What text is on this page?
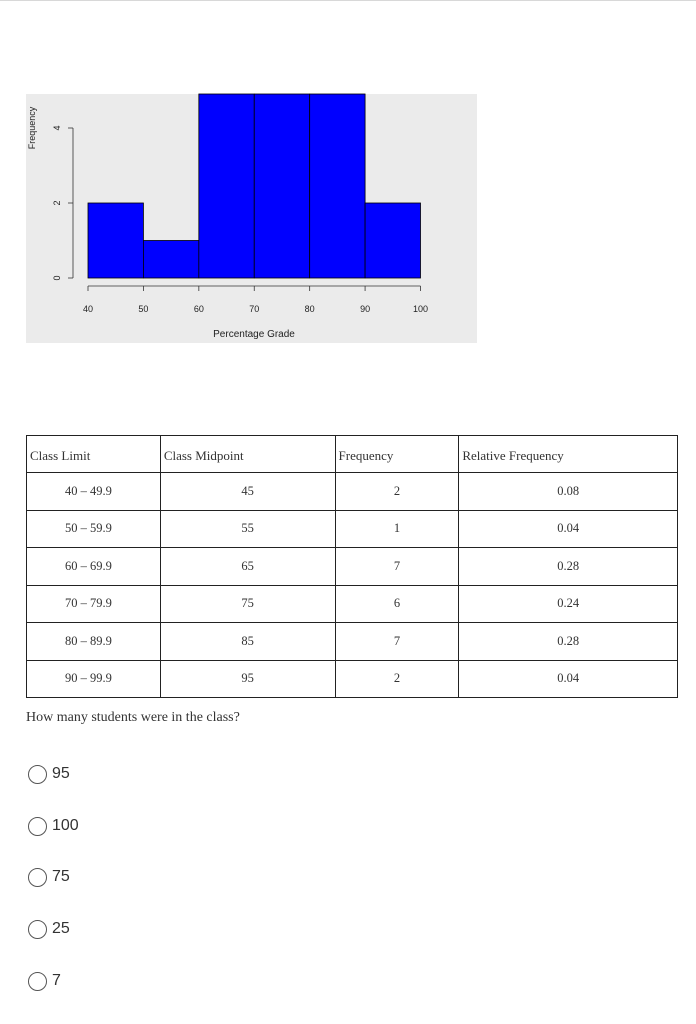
40	50	60	70	80	90	100
0
2
4
Percentage Grade
Frequency
Class Limit	Class Midpoint	Frequency	Relative Frequency
40 – 49.9	45	2	0.08
50 – 59.9	55	1	0.04
60 – 69.9	65	7	0.28
70 – 79.9	75	6	0.24
80 – 89.9	85	7	0.28
90 – 99.9	95	2	0.04
How many students were in the class?
95
100
75
25
7
